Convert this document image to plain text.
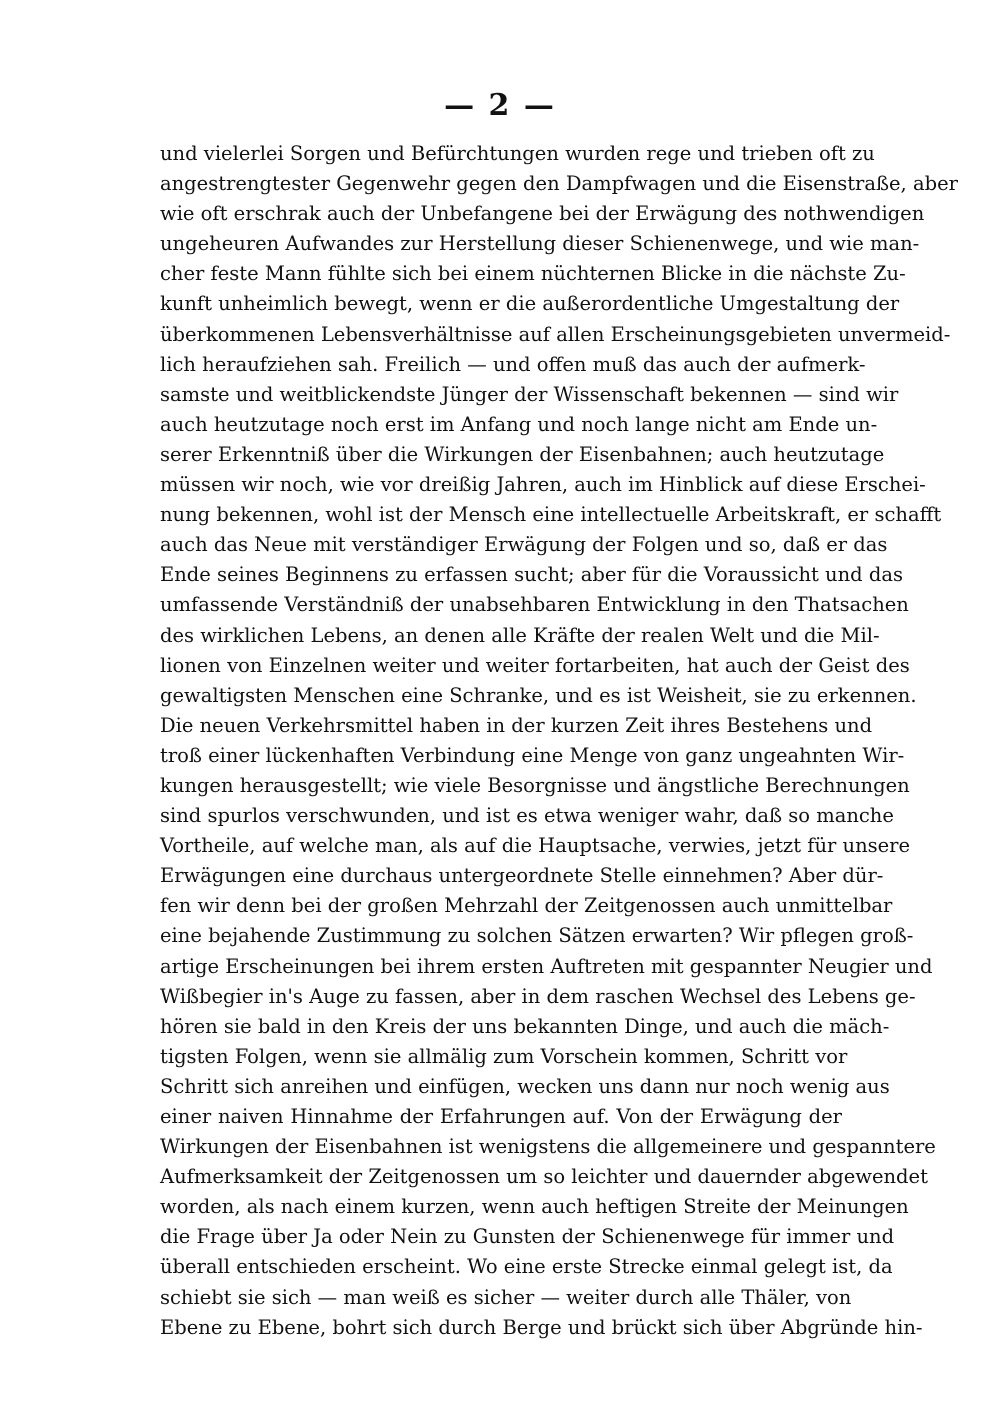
— 2 —
und vielerlei Sorgen und Befürchtungen wurden rege und trieben oft zu
angestrengtester Gegenwehr gegen den Dampfwagen und die Eisenstraße, aber
wie oft erschrak auch der Unbefangene bei der Erwägung des nothwendigen
ungeheuren Aufwandes zur Herstellung dieser Schienenwege, und wie man-
cher feste Mann fühlte sich bei einem nüchternen Blicke in die nächste Zu-
kunft unheimlich bewegt, wenn er die außerordentliche Umgestaltung der
überkommenen Lebensverhältnisse auf allen Erscheinungsgebieten unvermeid-
lich heraufziehen sah. Freilich — und offen muß das auch der aufmerk-
samste und weitblickendste Jünger der Wissenschaft bekennen — sind wir
auch heutzutage noch erst im Anfang und noch lange nicht am Ende un-
serer Erkenntniß über die Wirkungen der Eisenbahnen; auch heutzutage
müssen wir noch, wie vor dreißig Jahren, auch im Hinblick auf diese Erschei-
nung bekennen, wohl ist der Mensch eine intellectuelle Arbeitskraft, er schafft
auch das Neue mit verständiger Erwägung der Folgen und so, daß er das
Ende seines Beginnens zu erfassen sucht; aber für die Voraussicht und das
umfassende Verständniß der unabsehbaren Entwicklung in den Thatsachen
des wirklichen Lebens, an denen alle Kräfte der realen Welt und die Mil-
lionen von Einzelnen weiter und weiter fortarbeiten, hat auch der Geist des
gewaltigsten Menschen eine Schranke, und es ist Weisheit, sie zu erkennen.
Die neuen Verkehrsmittel haben in der kurzen Zeit ihres Bestehens und
troß einer lückenhaften Verbindung eine Menge von ganz ungeahnten Wir-
kungen herausgestellt; wie viele Besorgnisse und ängstliche Berechnungen
sind spurlos verschwunden, und ist es etwa weniger wahr, daß so manche
Vortheile, auf welche man, als auf die Hauptsache, verwies, jetzt für unsere
Erwägungen eine durchaus untergeordnete Stelle einnehmen? Aber dür-
fen wir denn bei der großen Mehrzahl der Zeitgenossen auch unmittelbar
eine bejahende Zustimmung zu solchen Sätzen erwarten? Wir pflegen groß-
artige Erscheinungen bei ihrem ersten Auftreten mit gespannter Neugier und
Wißbegier in's Auge zu fassen, aber in dem raschen Wechsel des Lebens ge-
hören sie bald in den Kreis der uns bekannten Dinge, und auch die mäch-
tigsten Folgen, wenn sie allmälig zum Vorschein kommen, Schritt vor
Schritt sich anreihen und einfügen, wecken uns dann nur noch wenig aus
einer naiven Hinnahme der Erfahrungen auf. Von der Erwägung der
Wirkungen der Eisenbahnen ist wenigstens die allgemeinere und gespanntere
Aufmerksamkeit der Zeitgenossen um so leichter und dauernder abgewendet
worden, als nach einem kurzen, wenn auch heftigen Streite der Meinungen
die Frage über Ja oder Nein zu Gunsten der Schienenwege für immer und
überall entschieden erscheint. Wo eine erste Strecke einmal gelegt ist, da
schiebt sie sich — man weiß es sicher — weiter durch alle Thäler, von
Ebene zu Ebene, bohrt sich durch Berge und brückt sich über Abgründe hin-
